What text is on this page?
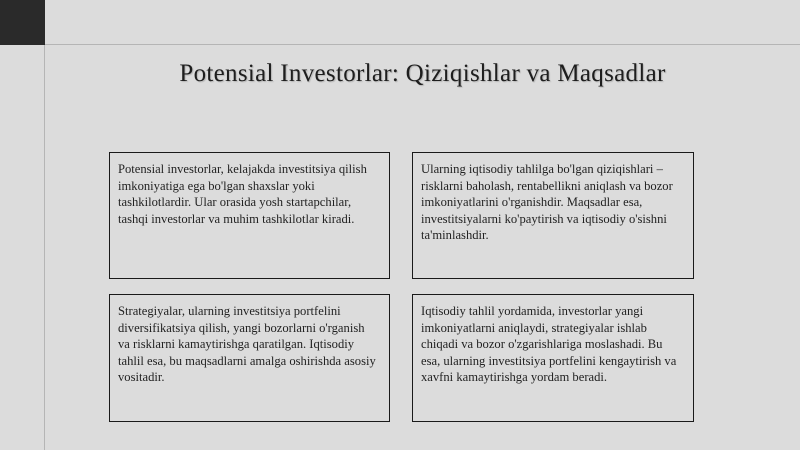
Potensial Investorlar: Qiziqishlar va Maqsadlar

Potensial investorlar, kelajakda investitsiya qilish imkoniyatiga ega bo'lgan shaxslar yoki tashkilotlardir. Ular orasida yosh startapchilar, tashqi investorlar va muhim tashkilotlar kiradi.

Ularning iqtisodiy tahlilga bo'lgan qiziqishlari – risklarni baholash, rentabellikni aniqlash va bozor imkoniyatlarini o'rganishdir. Maqsadlar esa, investitsiyalarni ko'paytirish va iqtisodiy o'sishni ta'minlashdir.

Strategiyalar, ularning investitsiya portfelini diversifikatsiya qilish, yangi bozorlarni o'rganish va risklarni kamaytirishga qaratilgan. Iqtisodiy tahlil esa, bu maqsadlarni amalga oshirishda asosiy vositadir.

Iqtisodiy tahlil yordamida, investorlar yangi imkoniyatlarni aniqlaydi, strategiyalar ishlab chiqadi va bozor o'zgarishlariga moslashadi. Bu esa, ularning investitsiya portfelini kengaytirish va xavfni kamaytirishga yordam beradi.
